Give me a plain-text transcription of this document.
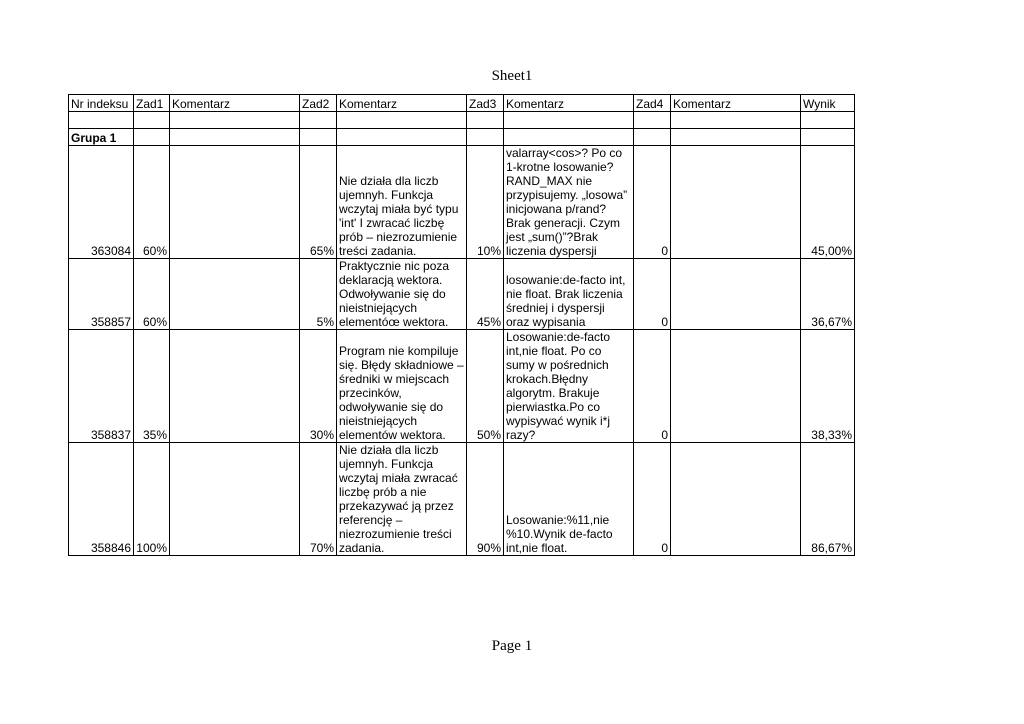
Sheet1
Nr indeksu	Zad1	Komentarz	Zad2	Komentarz	Zad3	Komentarz	Zad4	Komentarz	Wynik

Grupa 1									
363084	60%		65%	Nie działa dla liczb ujemnyh. Funkcja wczytaj miała być typu 'int' I zwracać liczbę prób – niezrozumienie treści zadania.	10%	valarray<cos>? Po co 1-krotne losowanie? RAND_MAX nie przypisujemy. „losowa” inicjowana p/rand? Brak generacji. Czym jest „sum()”?Brak liczenia dyspersji	0		45,00%
358857	60%		5%	Praktycznie nic poza deklaracją wektora. Odwoływanie się do nieistniejących elementóœ wektora.	45%	losowanie:de-facto int, nie float. Brak liczenia średniej i dyspersji oraz wypisania	0		36,67%
358837	35%		30%	Program nie kompiluje się. Błędy składniowe – średniki w miejscach przecinków, odwoływanie się do nieistniejących elementów wektora.	50%	Losowanie:de-facto int,nie float. Po co sumy w pośrednich krokach.Błędny algorytm. Brakuje pierwiastka.Po co wypisywać wynik i*j razy?	0		38,33%
358846	100%		70%	Nie działa dla liczb ujemnyh. Funkcja wczytaj miała zwracać liczbę prób a nie przekazywać ją przez referencję – niezrozumienie treści zadania.	90%	Losowanie:%11,nie %10.Wynik de-facto int,nie float.	0		86,67%
Page 1
